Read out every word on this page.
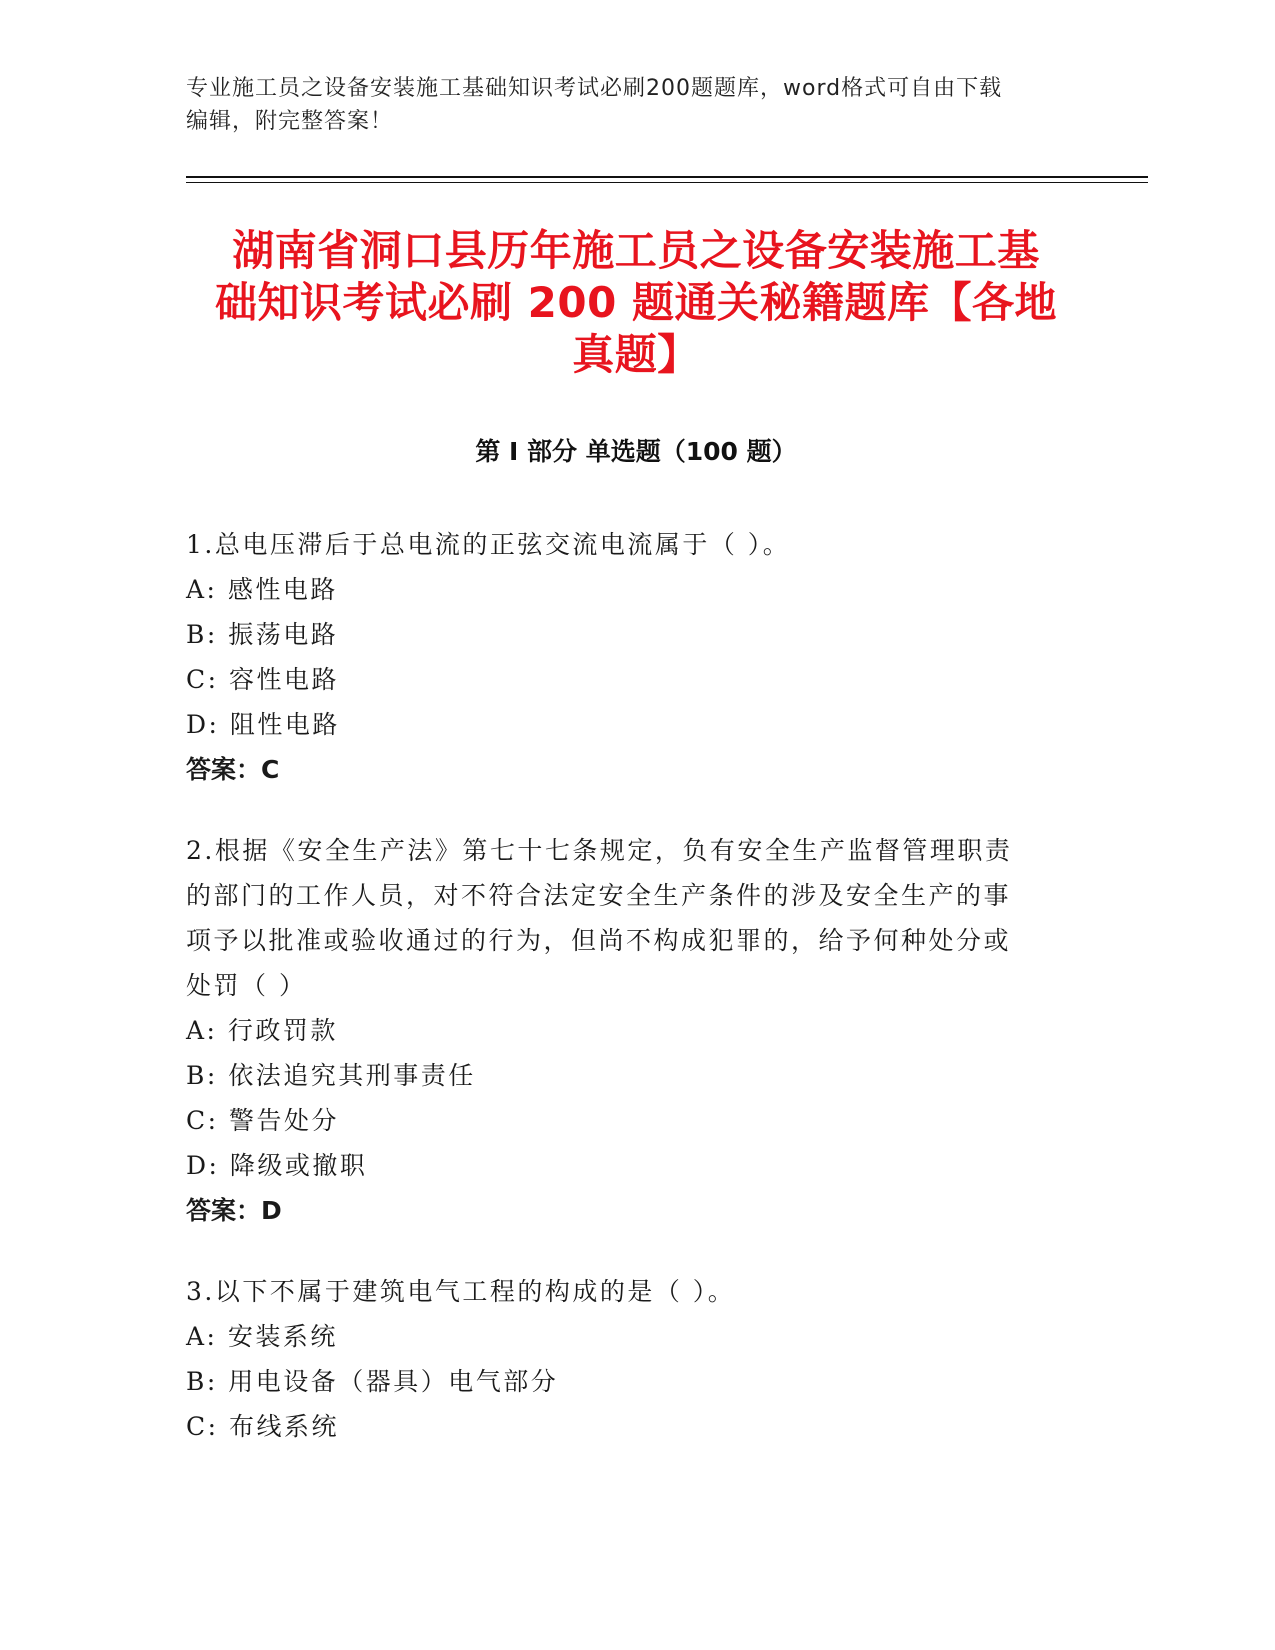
专业施工员之设备安装施工基础知识考试必刷200题题库，word格式可自由下载
编辑，附完整答案！
湖南省洞口县历年施工员之设备安装施工基
础知识考试必刷 200 题通关秘籍题库【各地
真题】
第 I 部分 单选题（100 题）
1.总电压滞后于总电流的正弦交流电流属于（ ）。
A: 感性电路
B: 振荡电路
C: 容性电路
D: 阻性电路
答案：C
2.根据《安全生产法》第七十七条规定，负有安全生产监督管理职责
的部门的工作人员，对不符合法定安全生产条件的涉及安全生产的事
项予以批准或验收通过的行为，但尚不构成犯罪的，给予何种处分或
处罚（ ）
A: 行政罚款
B: 依法追究其刑事责任
C: 警告处分
D: 降级或撤职
答案：D
3.以下不属于建筑电气工程的构成的是（ ）。
A: 安装系统
B: 用电设备（器具）电气部分
C: 布线系统
